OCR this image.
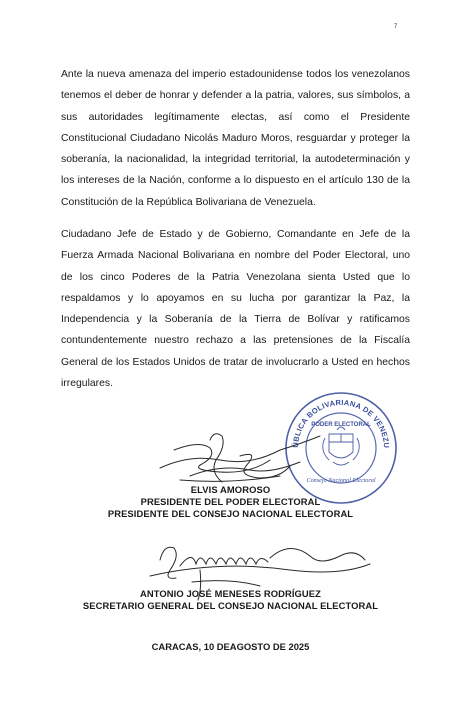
7

Ante la nueva amenaza del imperio estadounidense todos los venezolanos tenemos el deber de honrar y defender a la patria, valores, sus símbolos, a sus autoridades legítimamente electas, así como el Presidente Constitucional Ciudadano Nicolás Maduro Moros, resguardar y proteger la soberanía, la nacionalidad, la integridad territorial, la autodeterminación y los intereses de la Nación, conforme a lo dispuesto en el artículo 130 de la Constitución de la República Bolivariana de Venezuela.

Ciudadano Jefe de Estado y de Gobierno, Comandante en Jefe de la Fuerza Armada Nacional Bolivariana en nombre del Poder Electoral, uno de los cinco Poderes de la Patria Venezolana sienta Usted que lo respaldamos y lo apoyamos en su lucha por garantizar la Paz, la Independencia y la Soberanía de la Tierra de Bolívar y ratificamos contundentemente nuestro rechazo a las pretensiones de la Fiscalía General de los Estados Unidos de tratar de involucrarlo a Usted en hechos irregulares.	REPÚBLICA BOLIVARIANA DE VENEZUELA
PODER ELECTORAL
Consejo Nacional Electoral
ELVIS AMOROSO
PRESIDENTE DEL PODER ELECTORAL
PRESIDENTE DEL CONSEJO NACIONAL ELECTORAL
ANTONIO JOSÉ MENESES RODRÍGUEZ
SECRETARIO GENERAL DEL CONSEJO NACIONAL ELECTORAL
CARACAS, 10 DEAGOSTO DE 2025
